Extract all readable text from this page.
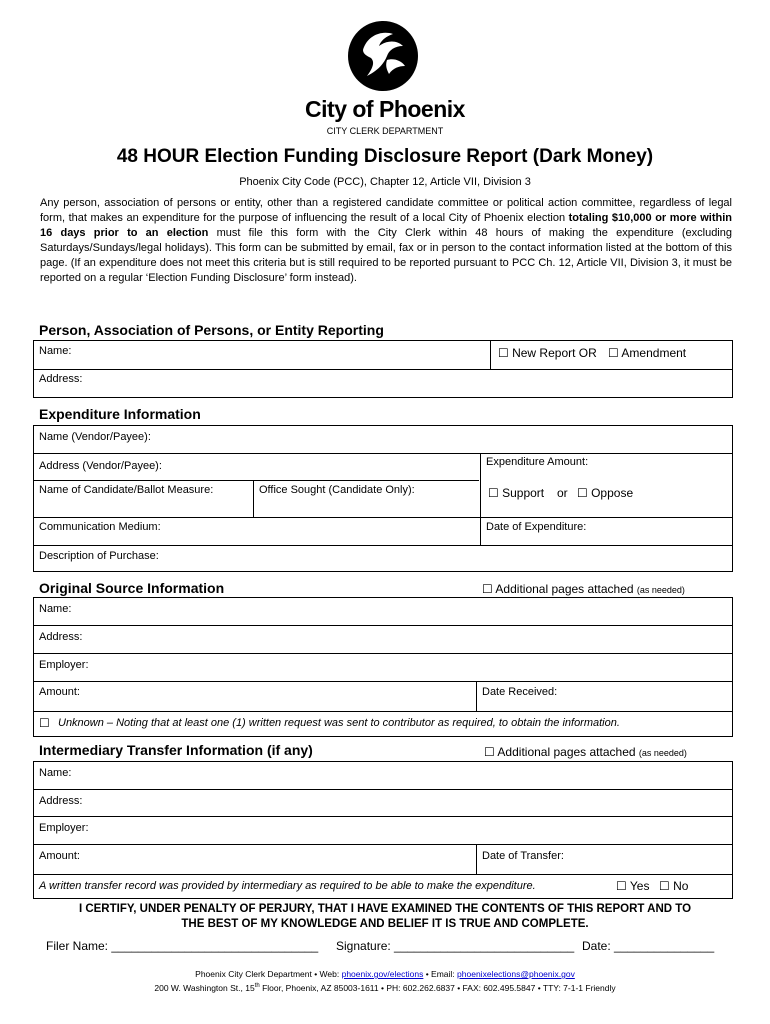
City of Phoenix
CITY CLERK DEPARTMENT
48 HOUR Election Funding Disclosure Report (Dark Money)
Phoenix City Code (PCC), Chapter 12, Article VII, Division 3
Any person, association of persons or entity, other than a registered candidate committee or political action committee, regardless of legal form, that makes an expenditure for the purpose of influencing the result of a local City of Phoenix election totaling $10,000 or more within 16 days prior to an election must file this form with the City Clerk within 48 hours of making the expenditure (excluding Saturdays/Sundays/legal holidays). This form can be submitted by email, fax or in person to the contact information listed at the bottom of this page. (If an expenditure does not meet this criteria but is still required to be reported pursuant to PCC Ch. 12, Article VII, Division 3, it must be reported on a regular ‘Election Funding Disclosure’ form instead).
Person, Association of Persons, or Entity Reporting
Name:	☐ New Report OR ☐ Amendment
Address:
Expenditure Information
Name (Vendor/Payee):
Address (Vendor/Payee):	Expenditure Amount:
Name of Candidate/Ballot Measure:	Office Sought (Candidate Only):	☐ Support or ☐ Oppose
Communication Medium:	Date of Expenditure:
Description of Purchase:
Original Source Information	☐ Additional pages attached (as needed)
Name:
Address:
Employer:
Amount:	Date Received:
☐ Unknown – Noting that at least one (1) written request was sent to contributor as required, to obtain the information.
Intermediary Transfer Information (if any)	☐ Additional pages attached (as needed)
Name:
Address:
Employer:
Amount:	Date of Transfer:
A written transfer record was provided by intermediary as required to be able to make the expenditure.	☐ Yes ☐ No
I CERTIFY, UNDER PENALTY OF PERJURY, THAT I HAVE EXAMINED THE CONTENTS OF THIS REPORT AND TO
THE BEST OF MY KNOWLEDGE AND BELIEF IT IS TRUE AND COMPLETE.
Filer Name: _______________________________ Signature: ___________________________ Date: _______________
Phoenix City Clerk Department • Web: phoenix.gov/elections • Email: phoenixelections@phoenix.gov
200 W. Washington St., 15th Floor, Phoenix, AZ 85003-1611 • PH: 602.262.6837 • FAX: 602.495.5847 • TTY: 7-1-1 Friendly
